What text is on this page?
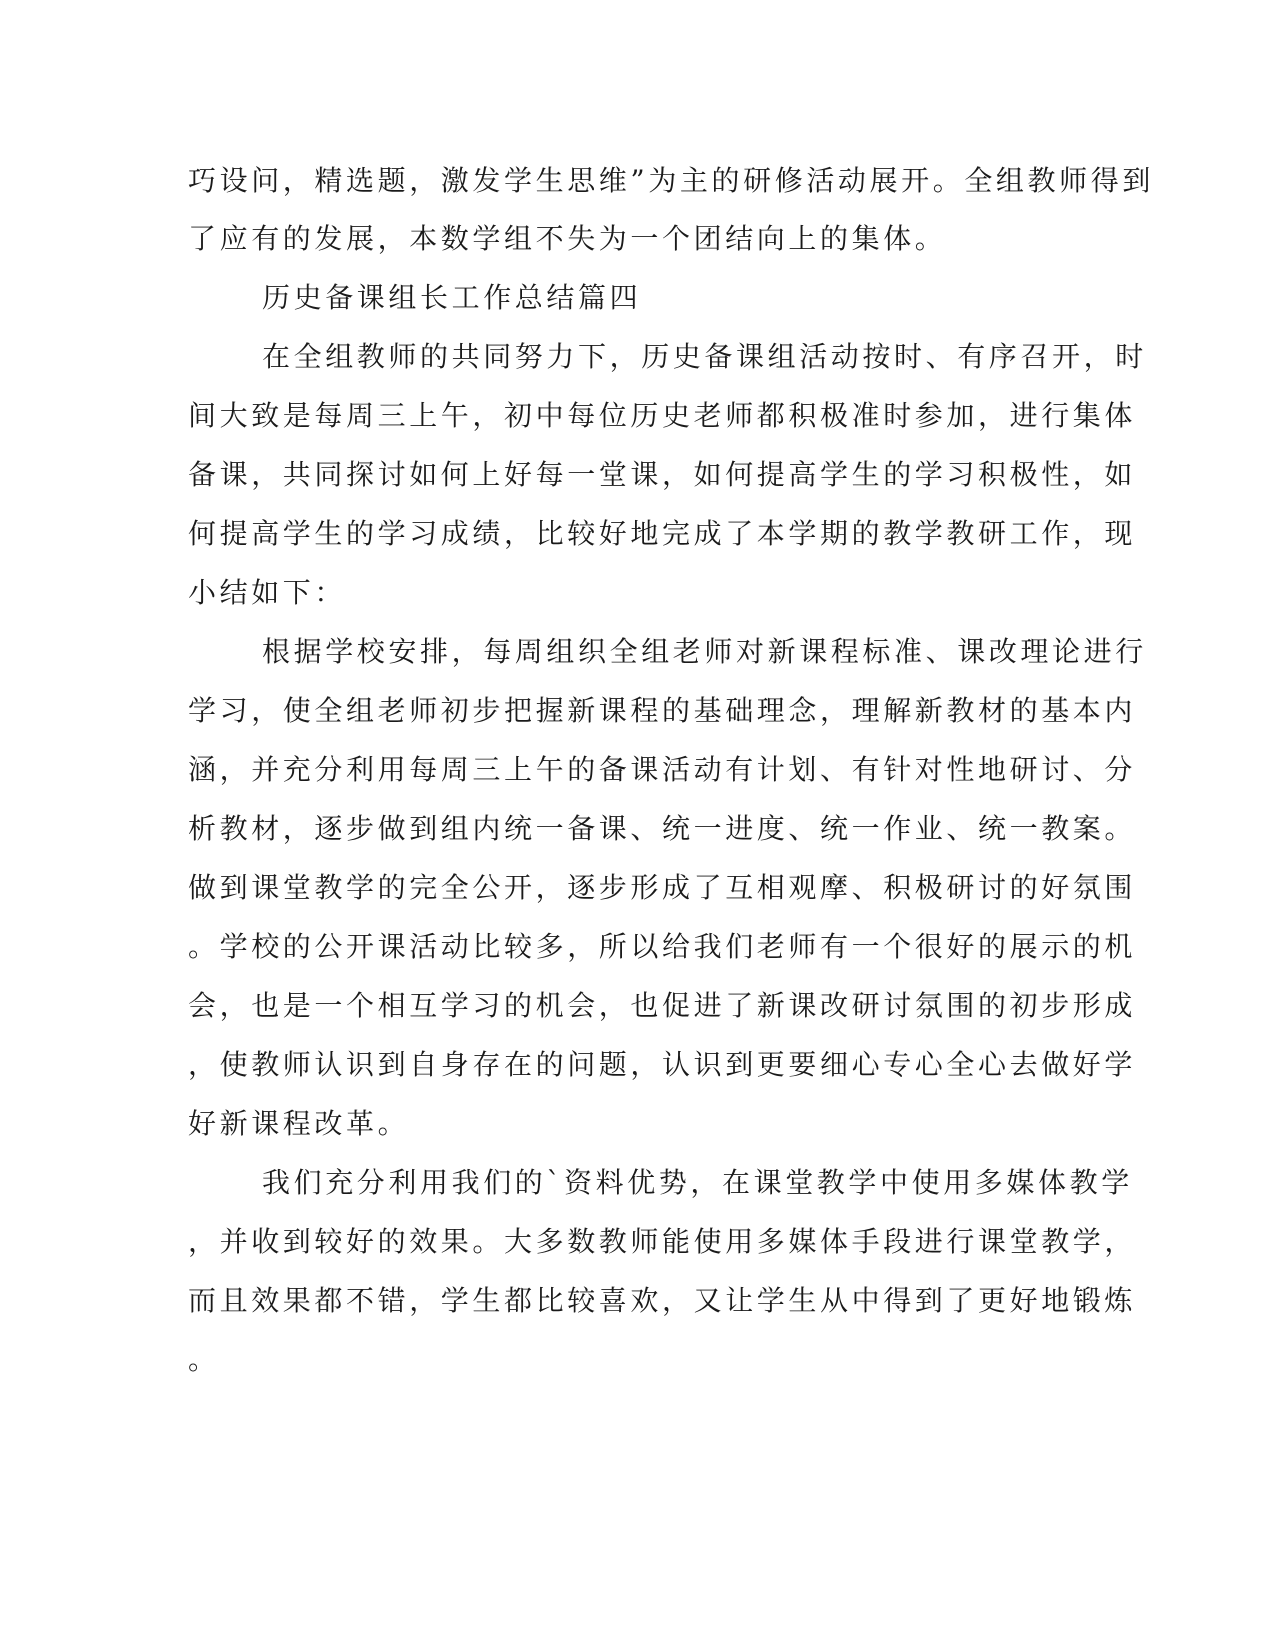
巧设问，精选题，激发学生思维”为主的研修活动展开。全组教师得到
了应有的发展，本数学组不失为一个团结向上的集体。
历史备课组长工作总结篇四
在全组教师的共同努力下，历史备课组活动按时、有序召开，时
间大致是每周三上午，初中每位历史老师都积极准时参加，进行集体
备课，共同探讨如何上好每一堂课，如何提高学生的学习积极性，如
何提高学生的学习成绩，比较好地完成了本学期的教学教研工作，现
小结如下：
根据学校安排，每周组织全组老师对新课程标准、课改理论进行
学习，使全组老师初步把握新课程的基础理念，理解新教材的基本内
涵，并充分利用每周三上午的备课活动有计划、有针对性地研讨、分
析教材，逐步做到组内统一备课、统一进度、统一作业、统一教案。
做到课堂教学的完全公开，逐步形成了互相观摩、积极研讨的好氛围
。学校的公开课活动比较多，所以给我们老师有一个很好的展示的机
会，也是一个相互学习的机会，也促进了新课改研讨氛围的初步形成
，使教师认识到自身存在的问题，认识到更要细心专心全心去做好学
好新课程改革。
我们充分利用我们的`资料优势，在课堂教学中使用多媒体教学
，并收到较好的效果。大多数教师能使用多媒体手段进行课堂教学，
而且效果都不错，学生都比较喜欢，又让学生从中得到了更好地锻炼
。
